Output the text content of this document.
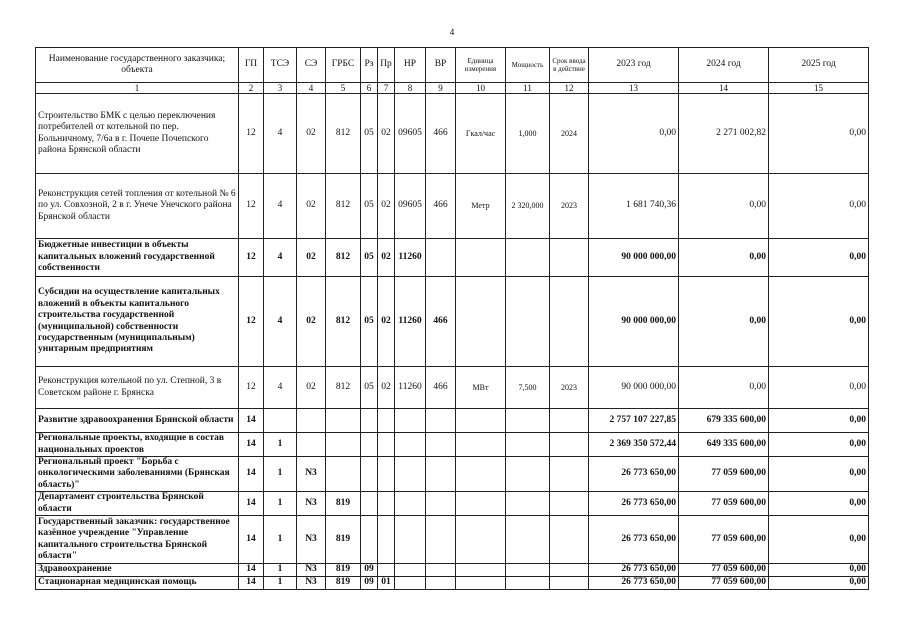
4
Наименование государственного заказчика; объекта	ГП	ТСЭ	СЭ	ГРБС	Рз	Пр	НР	ВР	Единица измерения	Мощность	Срок ввода в действие	2023 год	2024 год	2025 год
1	2	3	4	5	6	7	8	9	10	11	12	13	14	15
Строительство БМК с целью переключения потребителей от котельной по пер. Больничному, 7/6а в г. Почепе Почепского района Брянской области	12	4	02	812	05	02	09605	466	Гкал/час	1,000	2024	0,00	2 271 002,82	0,00
Реконструкция сетей топления от котельной № 6 по ул. Совхозной, 2 в г. Унече Унечского района Брянской области	12	4	02	812	05	02	09605	466	Метр	2 320,000	2023	1 681 740,36	0,00	0,00
Бюджетные инвестиции в объекты капитальных вложений государственной собственности	12	4	02	812	05	02	11260					90 000 000,00	0,00	0,00
Субсидии на осуществление капитальных вложений в объекты капитального строительства государственной (муниципальной) собственности государственным (муниципальным) унитарным предприятиям	12	4	02	812	05	02	11260	466				90 000 000,00	0,00	0,00
Реконструкция котельной по ул. Степной, 3 в Советском районе г. Брянска	12	4	02	812	05	02	11260	466	МВт	7,500	2023	90 000 000,00	0,00	0,00
Развитие здравоохранения Брянской области	14											2 757 107 227,85	679 335 600,00	0,00
Региональные проекты, входящие в состав национальных проектов	14	1										2 369 350 572,44	649 335 600,00	0,00
Региональный проект "Борьба с онкологическими заболеваниями (Брянская область)"	14	1	N3									26 773 650,00	77 059 600,00	0,00
Департамент строительства Брянской области	14	1	N3	819								26 773 650,00	77 059 600,00	0,00
Государственный заказчик: государственное казённое учреждение "Управление капитального строительства Брянской области"	14	1	N3	819								26 773 650,00	77 059 600,00	0,00
Здравоохранение	14	1	N3	819	09							26 773 650,00	77 059 600,00	0,00
Стационарная медицинская помощь	14	1	N3	819	09	01						26 773 650,00	77 059 600,00	0,00
